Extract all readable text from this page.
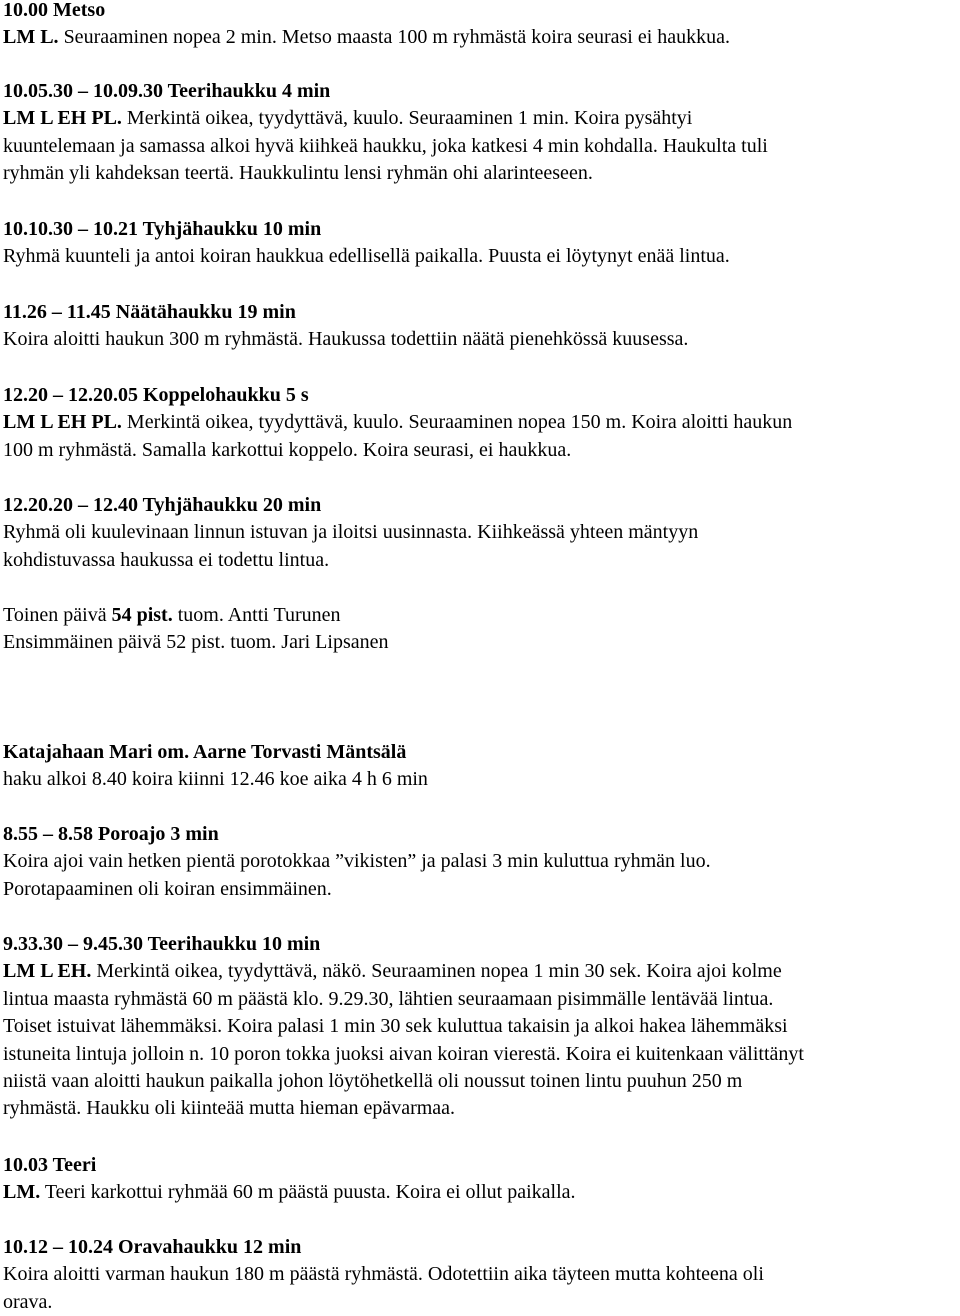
10.00 Metso
LM L. Seuraaminen nopea 2 min. Metso maasta 100 m ryhmästä koira seurasi ei haukkua.
10.05.30 – 10.09.30 Teerihaukku 4 min
LM L EH PL. Merkintä oikea, tyydyttävä, kuulo. Seuraaminen 1 min. Koira pysähtyi
kuuntelemaan ja samassa alkoi hyvä kiihkeä haukku, joka katkesi 4 min kohdalla. Haukulta tuli
ryhmän yli kahdeksan teertä. Haukkulintu lensi ryhmän ohi alarinteeseen.
10.10.30 – 10.21 Tyhjähaukku 10 min
Ryhmä kuunteli ja antoi koiran haukkua edellisellä paikalla. Puusta ei löytynyt enää lintua.
11.26 – 11.45 Näätähaukku 19 min
Koira aloitti haukun 300 m ryhmästä. Haukussa todettiin näätä pienehkössä kuusessa.
12.20 – 12.20.05 Koppelohaukku 5 s
LM L EH PL. Merkintä oikea, tyydyttävä, kuulo. Seuraaminen nopea 150 m. Koira aloitti haukun
100 m ryhmästä. Samalla karkottui koppelo. Koira seurasi, ei haukkua.
12.20.20 – 12.40 Tyhjähaukku 20 min
Ryhmä oli kuulevinaan linnun istuvan ja iloitsi uusinnasta. Kiihkeässä yhteen mäntyyn
kohdistuvassa haukussa ei todettu lintua.
Toinen päivä 54 pist. tuom. Antti Turunen
Ensimmäinen päivä 52 pist. tuom. Jari Lipsanen
Katajahaan Mari om. Aarne Torvasti Mäntsälä
haku alkoi 8.40 koira kiinni 12.46 koe aika 4 h 6 min
8.55 – 8.58 Poroajo 3 min
Koira ajoi vain hetken pientä porotokkaa ”vikisten” ja palasi 3 min kuluttua ryhmän luo.
Porotapaaminen oli koiran ensimmäinen.
9.33.30 – 9.45.30 Teerihaukku 10 min
LM L EH. Merkintä oikea, tyydyttävä, näkö. Seuraaminen nopea 1 min 30 sek. Koira ajoi kolme
lintua maasta ryhmästä 60 m päästä klo. 9.29.30, lähtien seuraamaan pisimmälle lentävää lintua.
Toiset istuivat lähemmäksi. Koira palasi 1 min 30 sek kuluttua takaisin ja alkoi hakea lähemmäksi
istuneita lintuja jolloin n. 10 poron tokka juoksi aivan koiran vierestä. Koira ei kuitenkaan välittänyt
niistä vaan aloitti haukun paikalla johon löytöhetkellä oli noussut toinen lintu puuhun 250 m
ryhmästä. Haukku oli kiinteää mutta hieman epävarmaa.
10.03 Teeri
LM. Teeri karkottui ryhmää 60 m päästä puusta. Koira ei ollut paikalla.
10.12 – 10.24 Oravahaukku 12 min
Koira aloitti varman haukun 180 m päästä ryhmästä. Odotettiin aika täyteen mutta kohteena oli
orava.
